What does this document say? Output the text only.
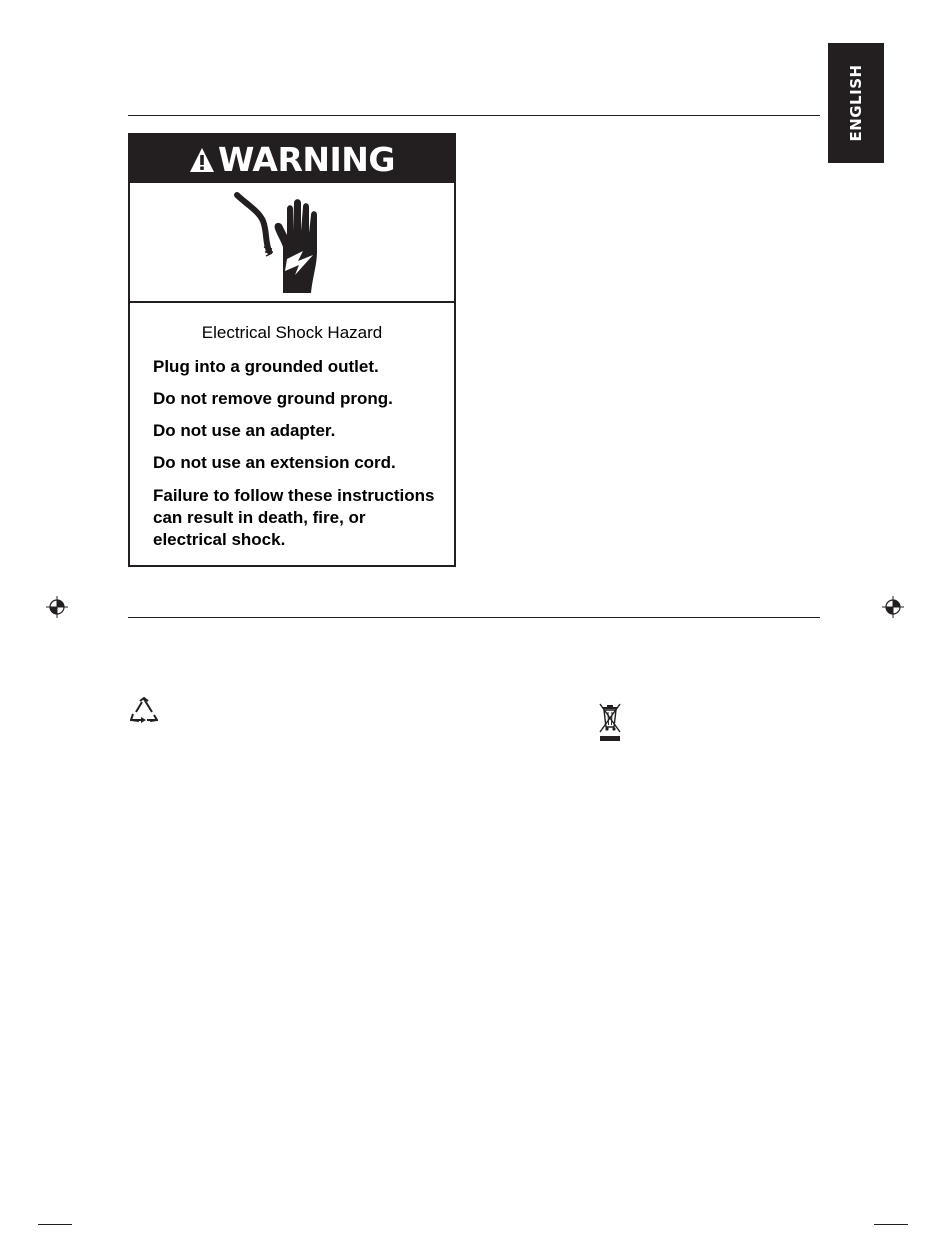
ENGLISH
WARNING
Electrical Shock Hazard
Plug into a grounded outlet.
Do not remove ground prong.
Do not use an adapter.
Do not use an extension cord.
Failure to follow these instructions can result in death, fire, or electrical shock.
